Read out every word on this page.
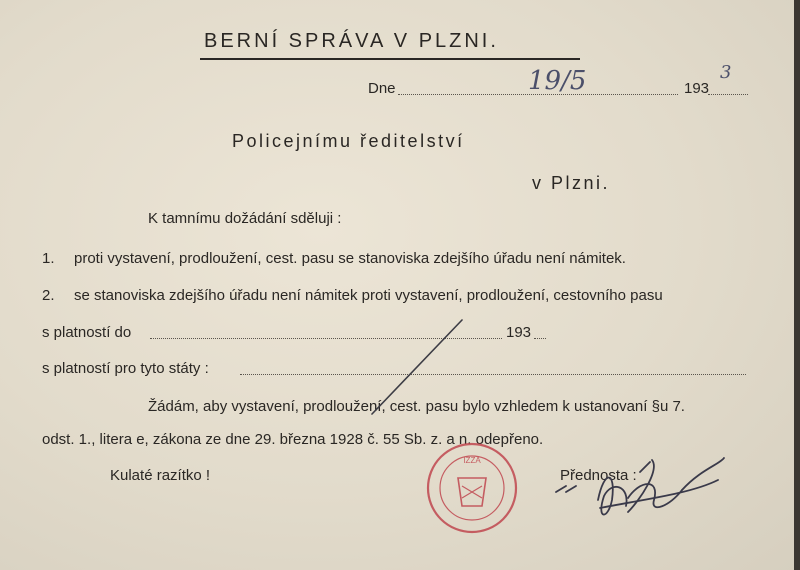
BERNÍ SPRÁVA V PLZNI.
Dne	19/5	193
3
Policejnímu ředitelství
v Plzni.
K tamnímu dožádání sděluji :
1. proti vystavení, prodloužení, cest. pasu se stanoviska zdejšího úřadu není námitek.
2. se stanoviska zdejšího úřadu není námitek proti vystavení, prodloužení, cestovního pasu
s platností do	193
s platností pro tyto státy :
Žádám, aby vystavení, prodloužení, cest. pasu bylo vzhledem k ustanovaní §u 7.
odst. 1., litera e, zákona ze dne 29. března 1928 č. 55 Sb. z. a n. odepřeno.
Kulaté razítko !	Přednosta :
IZZA
